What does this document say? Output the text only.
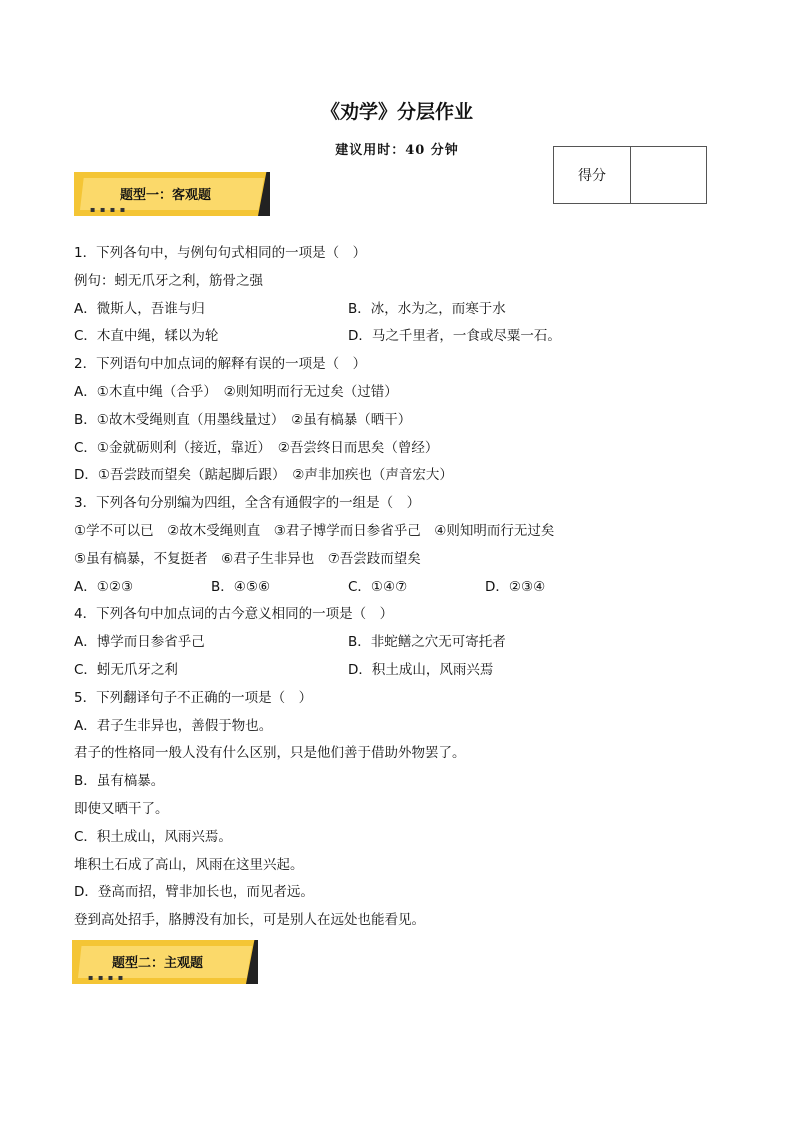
《劝学》分层作业
建议用时：40 分钟
得分
▪ ▪ ▪ ▪
题型一：客观题
1．下列各句中，与例句句式相同的一项是（　）
例句：蚓无爪牙之利，筋骨之强
A．微斯人，吾谁与归	B．冰，水为之，而寒于水
C．木直中绳，𫐓以为轮	D．马之千里者，一食或尽粟一石。
2．下列语句中加点词的解释有误的一项是（　）
A．①木直中绳（合乎）　②则知明而行无过矣（过错）
B．①故木受绳则直（用墨线量过）　②虽有槁暴（晒干）
C．①金就砺则利（接近，靠近）　②吾尝终日而思矣（曾经）
D．①吾尝跂而望矣（踮起脚后跟）　②声非加疾也（声音宏大）
3．下列各句分别编为四组，全含有通假字的一组是（　）
①学不可以已　②故木受绳则直　③君子博学而日参省乎己　④则知明而行无过矣
⑤虽有槁暴，不复挺者　⑥君子生非异也　⑦吾尝跂而望矣
A．①②③	B．④⑤⑥	C．①④⑦	D．②③④
4．下列各句中加点词的古今意义相同的一项是（　）
A．博学而日参省乎己	B．非蛇鳝之穴无可寄托者
C．蚓无爪牙之利	D．积土成山，风雨兴焉
5．下列翻译句子不正确的一项是（　）
A．君子生非异也，善假于物也。
君子的性格同一般人没有什么区别，只是他们善于借助外物罢了。
B．虽有槁暴。
即使又晒干了。
C．积土成山，风雨兴焉。
堆积土石成了高山，风雨在这里兴起。
D．登高而招，臂非加长也，而见者远。
登到高处招手，胳膊没有加长，可是别人在远处也能看见。
▪ ▪ ▪ ▪
题型二：主观题
